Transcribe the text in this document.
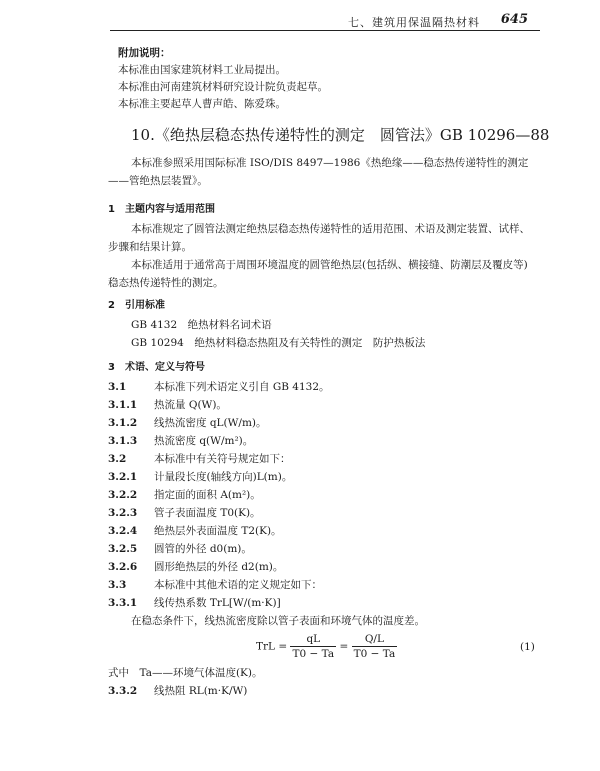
七、建筑用保温隔热材料 645
附加说明：
本标准由国家建筑材料工业局提出。
本标准由河南建筑材料研究设计院负责起草。
本标准主要起草人曹声皓、陈爱珠。
10.《绝热层稳态热传递特性的测定　圆管法》GB 10296—88
本标准参照采用国际标准 ISO/DIS 8497—1986《热绝缘——稳态热传递特性的测定
——管绝热层装置》。
1　主题内容与适用范围
本标准规定了圆管法测定绝热层稳态热传递特性的适用范围、术语及测定装置、试样、
步骤和结果计算。
本标准适用于通常高于周围环境温度的圆管绝热层(包括纵、横接缝、防潮层及覆皮等)
稳态热传递特性的测定。
2　引用标准
GB 4132　绝热材料名词术语
GB 10294　绝热材料稳态热阻及有关特性的测定　防护热板法
3　术语、定义与符号
3.1	本标准下列术语定义引自 GB 4132。
3.1.1 热流量 Q(W)。
3.1.2 线热流密度 qL(W/m)。
3.1.3 热流密度 q(W/m²)。
3.2	本标准中有关符号规定如下：
3.2.1 计量段长度(轴线方向)L(m)。
3.2.2 指定面的面积 A(m²)。
3.2.3 管子表面温度 T0(K)。
3.2.4 绝热层外表面温度 T2(K)。
3.2.5 圆管的外径 d0(m)。
3.2.6 圆形绝热层的外径 d2(m)。
3.3	本标准中其他术语的定义规定如下：
3.3.1 线传热系数 TrL[W/(m·K)]
在稳态条件下，线热流密度除以管子表面和环境气体的温度差。
TrL = $\frac{qL}{T0 - Ta} = \frac{Q/L}{T0 - Ta}$	(1)
式中　Ta——环境气体温度(K)。
3.3.2 线热阻 RL(m·K/W)
